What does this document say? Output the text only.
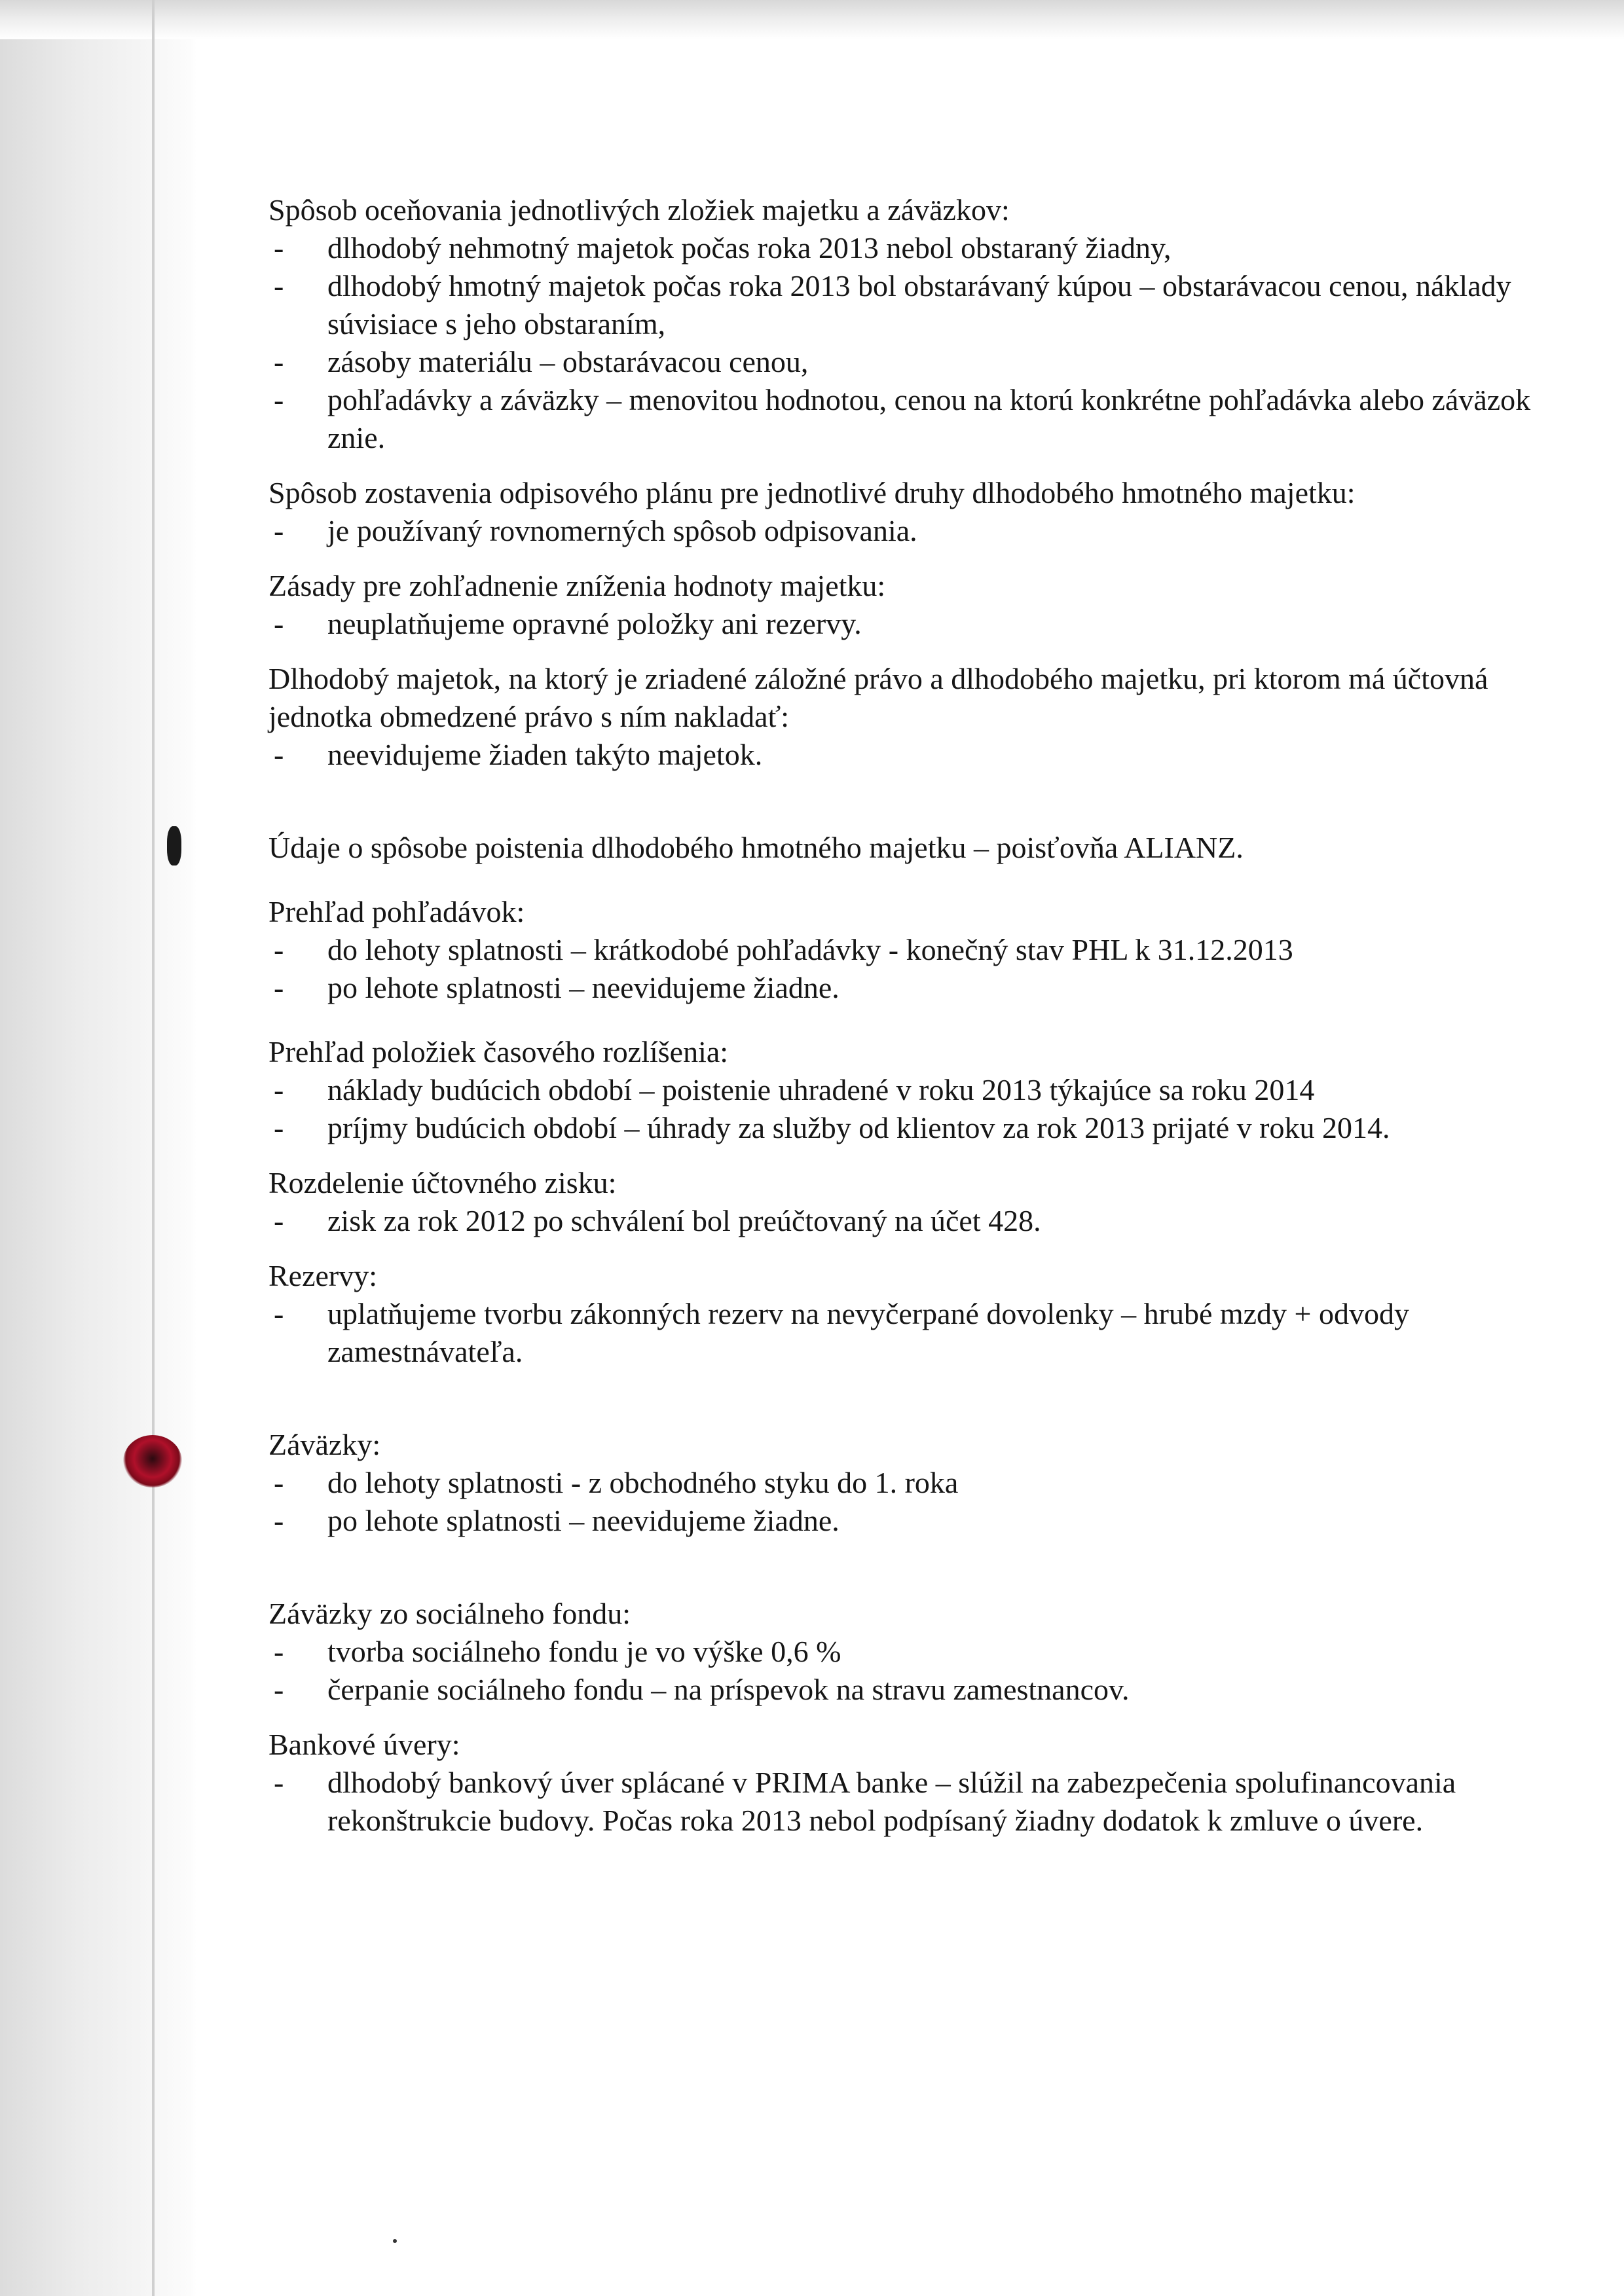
Spôsob oceňovania jednotlivých zložiek majetku a záväzkov:

- dlhodobý nehmotný majetok počas roka 2013 nebol obstaraný žiadny,
- dlhodobý hmotný majetok počas roka 2013 bol obstarávaný kúpou – obstarávacou cenou, náklady súvisiace s jeho obstaraním,
- zásoby materiálu – obstarávacou cenou,
- pohľadávky a záväzky – menovitou hodnotou, cenou na ktorú konkrétne pohľadávka alebo záväzok znie.

Spôsob zostavenia odpisového plánu pre jednotlivé druhy dlhodobého hmotného majetku:

- je používaný rovnomerných spôsob odpisovania.

Zásady pre zohľadnenie zníženia hodnoty majetku:

- neuplatňujeme opravné položky ani rezervy.

Dlhodobý majetok, na ktorý je zriadené záložné právo a dlhodobého majetku, pri ktorom má účtovná jednotka obmedzené právo s ním nakladať:

- neevidujeme žiaden takýto majetok.

Údaje o spôsobe poistenia dlhodobého hmotného majetku – poisťovňa ALIANZ.

Prehľad pohľadávok:

- do lehoty splatnosti – krátkodobé pohľadávky - konečný stav PHL k 31.12.2013
- po lehote splatnosti – neevidujeme žiadne.

Prehľad položiek časového rozlíšenia:

- náklady budúcich období – poistenie uhradené v roku 2013 týkajúce sa roku 2014
- príjmy budúcich období – úhrady za služby od klientov za rok 2013 prijaté v roku 2014.

Rozdelenie účtovného zisku:

- zisk za rok 2012 po schválení bol preúčtovaný na účet 428.

Rezervy:

- uplatňujeme tvorbu zákonných rezerv na nevyčerpané dovolenky – hrubé mzdy + odvody zamestnávateľa.

Záväzky:

- do lehoty splatnosti - z obchodného styku do 1. roka
- po lehote splatnosti – neevidujeme žiadne.

Záväzky zo sociálneho fondu:

- tvorba sociálneho fondu je vo výške 0,6 %
- čerpanie sociálneho fondu – na príspevok na stravu zamestnancov.

Bankové úvery:

- dlhodobý bankový úver splácané v PRIMA banke – slúžil na zabezpečenia spolufinancovania rekonštrukcie budovy. Počas roka 2013 nebol podpísaný žiadny dodatok k zmluve o úvere.
